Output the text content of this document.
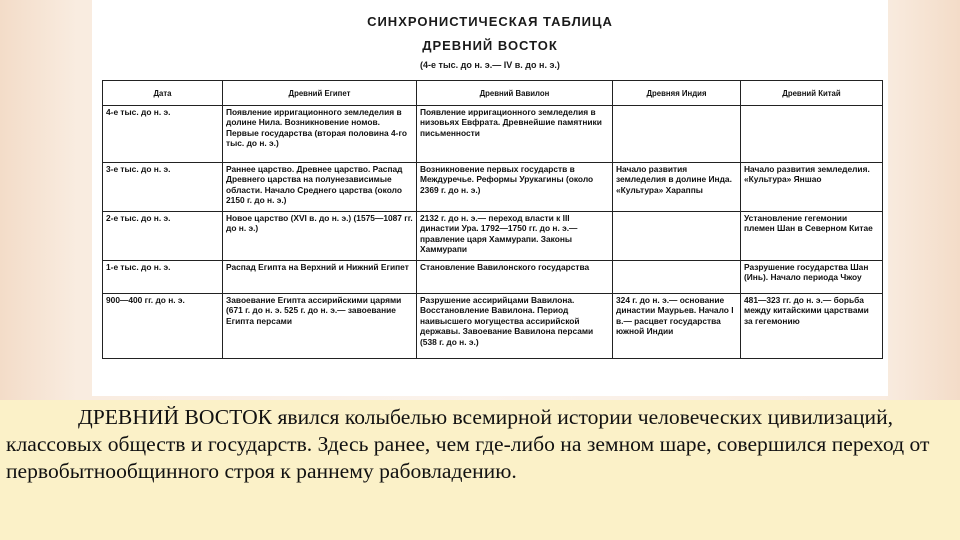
СИНХРОНИСТИЧЕСКАЯ ТАБЛИЦА
ДРЕВНИЙ ВОСТОК
(4-е тыс. до н. э.— IV в. до н. э.)
Дата	Древний Египет	Древний Вавилон	Древняя Индия	Древний Китай
4-е тыс. до н. э.	Появление ирригационного земледелия в долине Нила. Возникновение номов. Первые государства (вторая половина 4-го тыс. до н. э.)	Появление ирригационного земледелия в низовьях Евфрата. Древнейшие памятники письменности		
3-е тыс. до н. э.	Раннее царство. Древнее царство. Распад Древнего царства на полунезависимые области. Начало Среднего царства (около 2150 г. до н. э.)	Возникновение первых государств в Междуречье. Реформы Урукагины (около 2369 г. до н. э.)	Начало развития земледелия в долине Инда. «Культура» Хараппы	Начало развития земледелия. «Культура» Яншао
2-е тыс. до н. э.	Новое царство (XVI в. до н. э.) (1575—1087 гг. до н. э.)	2132 г. до н. э.— переход власти к III династии Ура. 1792—1750 гг. до н. э.— правление царя Хаммурапи. Законы Хаммурапи		Установление гегемонии племен Шан в Северном Китае
1-е тыс. до н. э.	Распад Египта на Верхний и Нижний Египет	Становление Вавилонского государства		Разрушение государства Шан (Инь). Начало периода Чжоу
900—400 гг. до н. э.	Завоевание Египта ассирийскими царями (671 г. до н. э. 525 г. до н. э.— завоевание Египта персами	Разрушение ассирийцами Вавилона. Восстановление Вавилона. Период наивысшего могущества ассирийской державы. Завоевание Вавилона персами (538 г. до н. э.)	324 г. до н. э.— основание династии Маурьев. Начало I в.— расцвет государства южной Индии	481—323 гг. до н. э.— борьба между китайскими царствами за гегемонию

ДРЕВНИЙ ВОСТОК явился колыбелью всемирной истории человеческих цивилизаций, классовых обществ и государств. Здесь ранее, чем где-либо на земном шаре, совершился переход от первобытнообщинного строя к раннему рабовладению.
